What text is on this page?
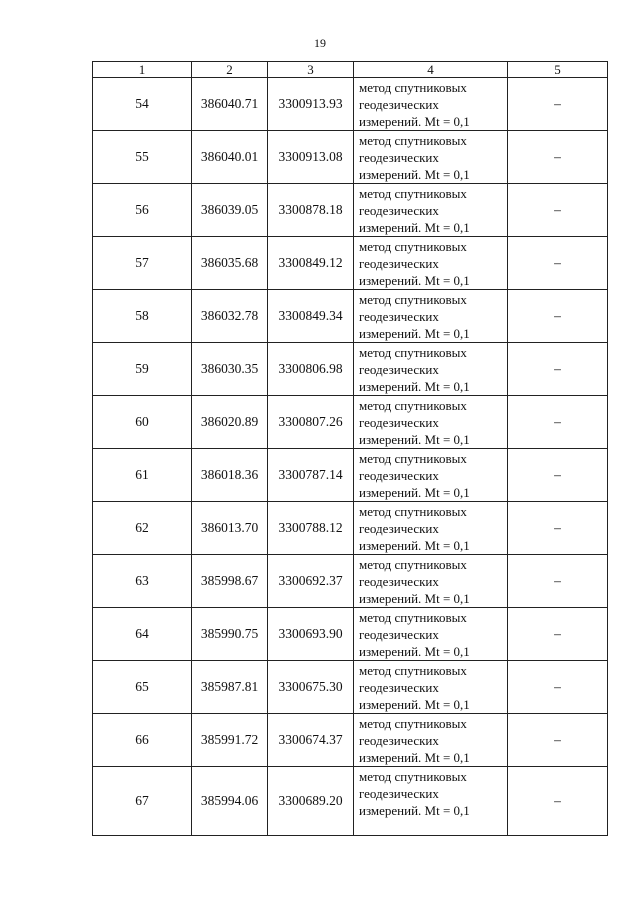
19
1	2	3	4	5
54	386040.71	3300913.93	метод спутниковых
геодезических
измерений. Mt = 0,1	–
55	386040.01	3300913.08	метод спутниковых
геодезических
измерений. Mt = 0,1	–
56	386039.05	3300878.18	метод спутниковых
геодезических
измерений. Mt = 0,1	–
57	386035.68	3300849.12	метод спутниковых
геодезических
измерений. Mt = 0,1	–
58	386032.78	3300849.34	метод спутниковых
геодезических
измерений. Mt = 0,1	–
59	386030.35	3300806.98	метод спутниковых
геодезических
измерений. Mt = 0,1	–
60	386020.89	3300807.26	метод спутниковых
геодезических
измерений. Mt = 0,1	–
61	386018.36	3300787.14	метод спутниковых
геодезических
измерений. Mt = 0,1	–
62	386013.70	3300788.12	метод спутниковых
геодезических
измерений. Mt = 0,1	–
63	385998.67	3300692.37	метод спутниковых
геодезических
измерений. Mt = 0,1	–
64	385990.75	3300693.90	метод спутниковых
геодезических
измерений. Mt = 0,1	–
65	385987.81	3300675.30	метод спутниковых
геодезических
измерений. Mt = 0,1	–
66	385991.72	3300674.37	метод спутниковых
геодезических
измерений. Mt = 0,1	–
67	385994.06	3300689.20	метод спутниковых
геодезических
измерений. Mt = 0,1	–
